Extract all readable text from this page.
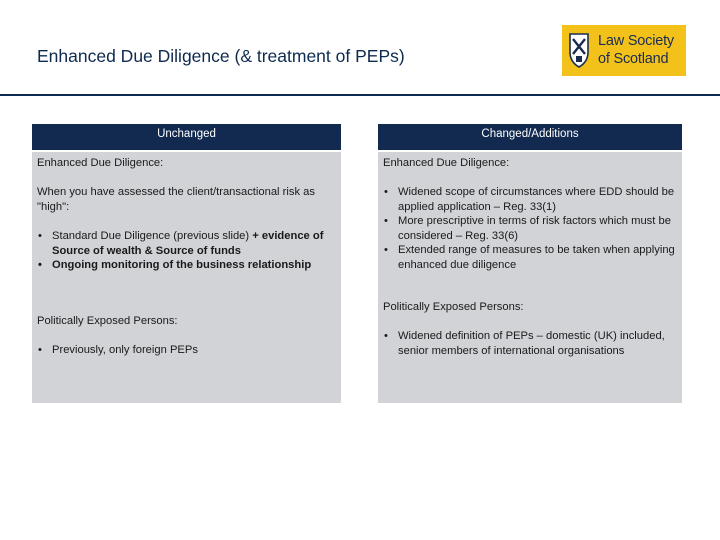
Enhanced Due Diligence (& treatment of PEPs)
Law Society
of Scotland
Unchanged

Enhanced Due Diligence:

When you have assessed the client/transactional risk as "high":

• Standard Due Diligence (previous slide) + evidence of Source of wealth & Source of funds
• Ongoing monitoring of the business relationship

Politically Exposed Persons:

• Previously, only foreign PEPs
Changed/Additions

Enhanced Due Diligence:

• Widened scope of circumstances where EDD should be applied application – Reg. 33(1)
• More prescriptive in terms of risk factors which must be considered – Reg. 33(6)
• Extended range of measures to be taken when applying enhanced due diligence

Politically Exposed Persons:

• Widened definition of PEPs – domestic (UK) included, senior members of international organisations
